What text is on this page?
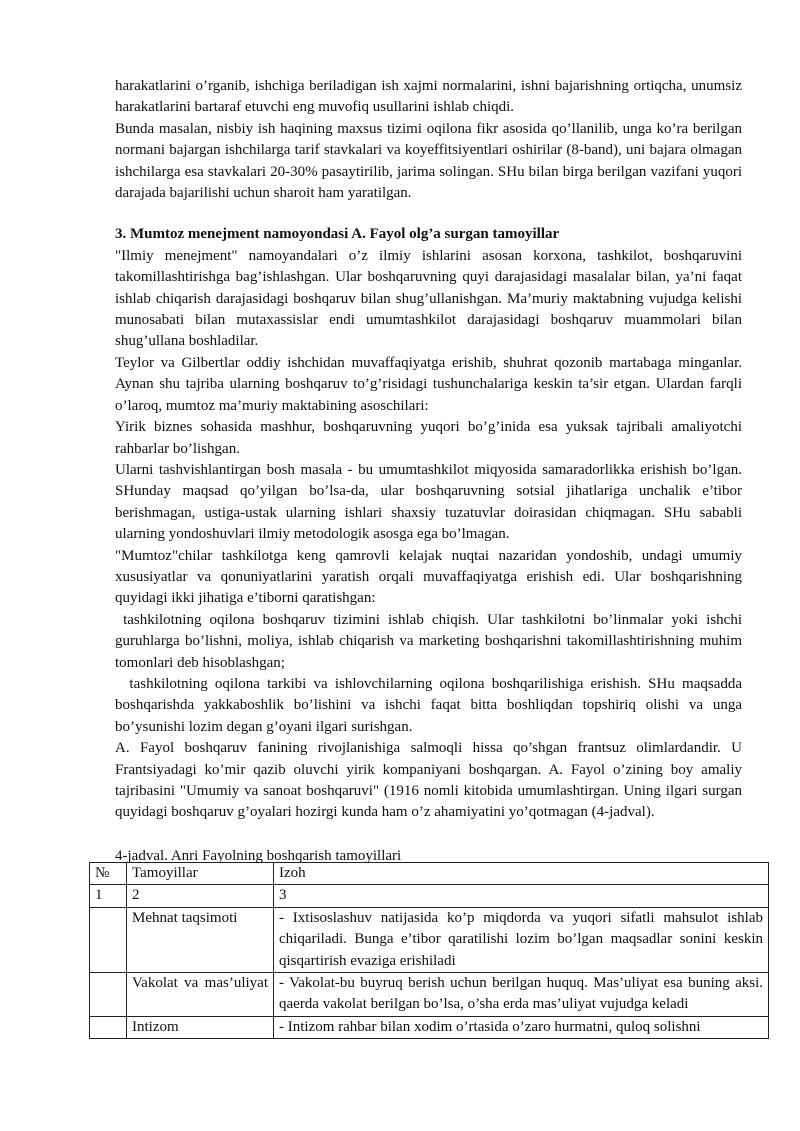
harakatlarini o’rganib, ishchiga beriladigan ish xajmi normalarini, ishni bajarishning ortiqcha, unumsiz harakatlarini bartaraf etuvchi eng muvofiq usullarini ishlab chiqdi.

Bunda masalan, nisbiy ish haqining maxsus tizimi oqilona fikr asosida qo’llanilib, unga ko’ra berilgan normani bajargan ishchilarga tarif stavkalari va koyeffitsiyentlari oshirilar (8-band), uni bajara olmagan ishchilarga esa stavkalari 20-30% pasaytirilib, jarima solingan. SHu bilan birga berilgan vazifani yuqori darajada bajarilishi uchun sharoit ham yaratilgan.

3. Mumtoz menejment namoyondasi A. Fayol olg’a surgan tamoyillar

"Ilmiy menejment" namoyandalari o’z ilmiy ishlarini asosan korxona, tashkilot, boshqaruvini takomillashtirishga bag’ishlashgan. Ular boshqaruvning quyi darajasidagi masalalar bilan, ya’ni faqat ishlab chiqarish darajasidagi boshqaruv bilan shug’ullanishgan. Ma’muriy maktabning vujudga kelishi munosabati bilan mutaxassislar endi umumtashkilot darajasidagi boshqaruv muammolari bilan shug’ullana boshladilar.

Teylor va Gilbertlar oddiy ishchidan muvaffaqiyatga erishib, shuhrat qozonib martabaga minganlar. Aynan shu tajriba ularning boshqaruv to’g’risidagi tushunchalariga keskin ta’sir etgan. Ulardan farqli o’laroq, mumtoz ma’muriy maktabining asoschilari:

Yirik biznes sohasida mashhur, boshqaruvning yuqori bo’g’inida esa yuksak tajribali amaliyotchi rahbarlar bo’lishgan.

Ularni tashvishlantirgan bosh masala - bu umumtashkilot miqyosida samaradorlikka erishish bo’lgan. SHunday maqsad qo’yilgan bo’lsa-da, ular boshqaruvning sotsial jihatlariga unchalik e’tibor berishmagan, ustiga-ustak ularning ishlari shaxsiy tuzatuvlar doirasidan chiqmagan. SHu sababli ularning yondoshuvlari ilmiy metodologik asosga ega bo’lmagan.

"Mumtoz"chilar tashkilotga keng qamrovli kelajak nuqtai nazaridan yondoshib, undagi umumiy xususiyatlar va qonuniyatlarini yaratish orqali muvaffaqiyatga erishish edi. Ular boshqarishning quyidagi ikki jihatiga e’tiborni qaratishgan:

tashkilotning oqilona boshqaruv tizimini ishlab chiqish. Ular tashkilotni bo’linmalar yoki ishchi guruhlarga bo’lishni, moliya, ishlab chiqarish va marketing boshqarishni takomillashtirishning muhim tomonlari deb hisoblashgan;

tashkilotning oqilona tarkibi va ishlovchilarning oqilona boshqarilishiga erishish. SHu maqsadda boshqarishda yakkaboshlik bo’lishini va ishchi faqat bitta boshliqdan topshiriq olishi va unga bo’ysunishi lozim degan g’oyani ilgari surishgan.

A. Fayol boshqaruv fanining rivojlanishiga salmoqli hissa qo’shgan frantsuz olimlardandir. U Frantsiyadagi ko’mir qazib oluvchi yirik kompaniyani boshqargan. A. Fayol o’zining boy amaliy tajribasini "Umumiy va sanoat boshqaruvi" (1916 nomli kitobida umumlashtirgan. Uning ilgari surgan quyidagi boshqaruv g’oyalari hozirgi kunda ham o’z ahamiyatini yo’qotmagan (4-jadval).

4-jadval. Anri Fayolning boshqarish tamoyillari

№	Tamoyillar	Izoh
1	2	3
	Mehnat taqsimoti	- Ixtisoslashuv natijasida ko’p miqdorda va yuqori sifatli mahsulot ishlab chiqariladi. Bunga e’tibor qaratilishi lozim bo’lgan maqsadlar sonini keskin qisqartirish evaziga erishiladi
	Vakolat va mas’uliyat	- Vakolat-bu buyruq berish uchun berilgan huquq. Mas’uliyat esa buning aksi. qaerda vakolat berilgan bo’lsa, o’sha erda mas’uliyat vujudga keladi
	Intizom	- Intizom rahbar bilan xodim o’rtasida o’zaro hurmatni, quloq solishni
